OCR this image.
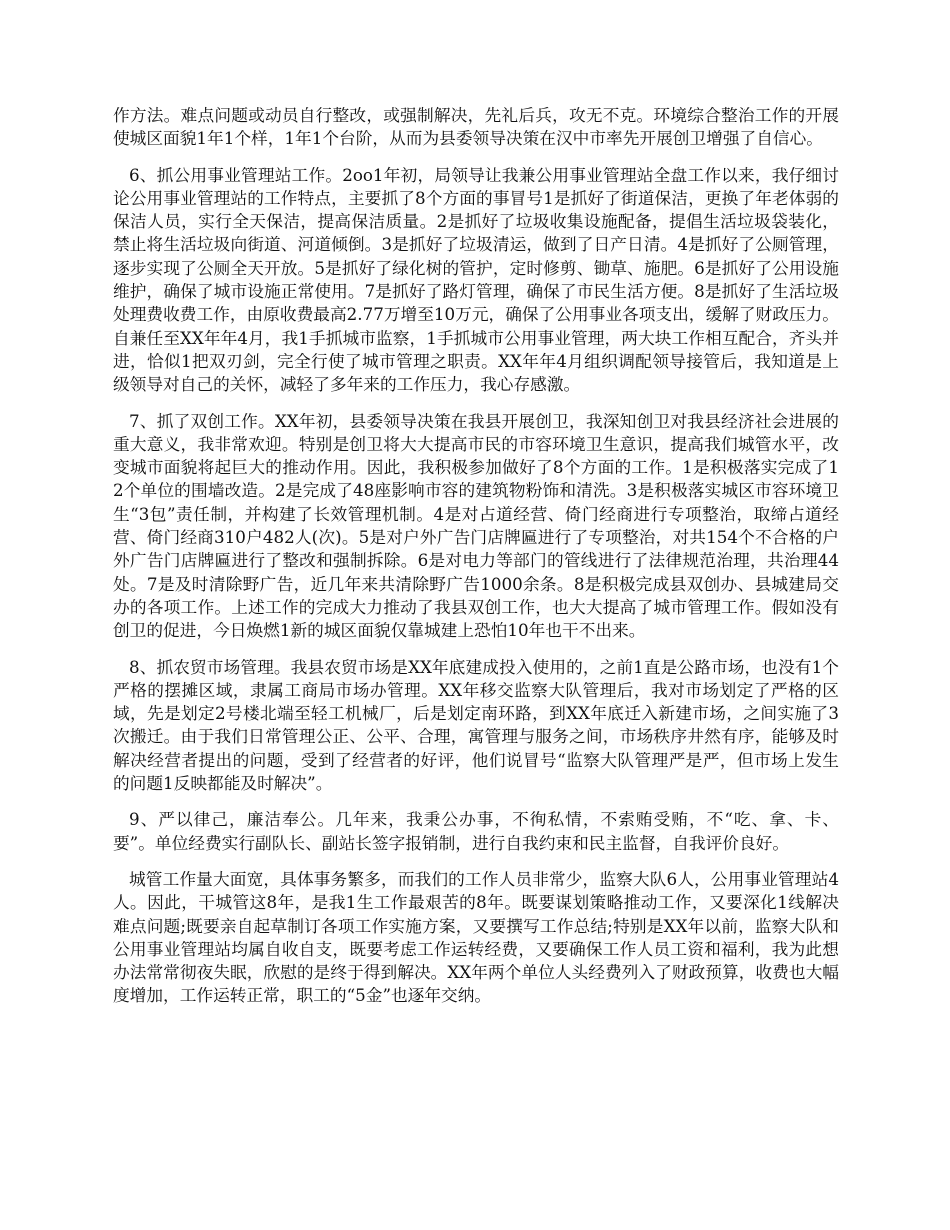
作方法。难点问题或动员自行整改，或强制解决，先礼后兵，攻无不克。环境综合整治工作的开展使城区面貌1年1个样，1年1个台阶，从而为县委领导决策在汉中市率先开展创卫增强了自信心。

6、抓公用事业管理站工作。2oo1年初，局领导让我兼公用事业管理站全盘工作以来，我仔细讨论公用事业管理站的工作特点，主要抓了8个方面的事冒号1是抓好了街道保洁，更换了年老体弱的保洁人员，实行全天保洁，提高保洁质量。2是抓好了垃圾收集设施配备，提倡生活垃圾袋装化，禁止将生活垃圾向街道、河道倾倒。3是抓好了垃圾清运，做到了日产日清。4是抓好了公厕管理，逐步实现了公厕全天开放。5是抓好了绿化树的管护，定时修剪、锄草、施肥。6是抓好了公用设施维护，确保了城市设施正常使用。7是抓好了路灯管理，确保了市民生活方便。8是抓好了生活垃圾处理费收费工作，由原收费最高2.77万增至10万元，确保了公用事业各项支出，缓解了财政压力。自兼任至XX年年4月，我1手抓城市监察，1手抓城市公用事业管理，两大块工作相互配合，齐头并进，恰似1把双刃剑，完全行使了城市管理之职责。XX年年4月组织调配领导接管后，我知道是上级领导对自己的关怀，减轻了多年来的工作压力，我心存感激。

7、抓了双创工作。XX年初，县委领导决策在我县开展创卫，我深知创卫对我县经济社会进展的重大意义，我非常欢迎。特别是创卫将大大提高市民的市容环境卫生意识，提高我们城管水平，改变城市面貌将起巨大的推动作用。因此，我积极参加做好了8个方面的工作。1是积极落实完成了12个单位的围墙改造。2是完成了48座影响市容的建筑物粉饰和清洗。3是积极落实城区市容环境卫生“3包”责任制，并构建了长效管理机制。4是对占道经营、倚门经商进行专项整治，取缔占道经营、倚门经商310户482人(次)。5是对户外广告门店牌匾进行了专项整治，对共154个不合格的户外广告门店牌匾进行了整改和强制拆除。6是对电力等部门的管线进行了法律规范治理，共治理44处。7是及时清除野广告，近几年来共清除野广告1000余条。8是积极完成县双创办、县城建局交办的各项工作。上述工作的完成大力推动了我县双创工作，也大大提高了城市管理工作。假如没有创卫的促进，今日焕燃1新的城区面貌仅靠城建上恐怕10年也干不出来。

8、抓农贸市场管理。我县农贸市场是XX年底建成投入使用的，之前1直是公路市场，也没有1个严格的摆摊区域，隶属工商局市场办管理。XX年移交监察大队管理后，我对市场划定了严格的区域，先是划定2号楼北端至轻工机械厂，后是划定南环路，到XX年底迁入新建市场，之间实施了3次搬迁。由于我们日常管理公正、公平、合理，寓管理与服务之间，市场秩序井然有序，能够及时解决经营者提出的问题，受到了经营者的好评，他们说冒号“监察大队管理严是严，但市场上发生的问题1反映都能及时解决”。

9、严以律己，廉洁奉公。几年来，我秉公办事，不徇私情，不索贿受贿，不“吃、拿、卡、要”。单位经费实行副队长、副站长签字报销制，进行自我约束和民主监督，自我评价良好。

城管工作量大面宽，具体事务繁多，而我们的工作人员非常少，监察大队6人，公用事业管理站4人。因此，干城管这8年，是我1生工作最艰苦的8年。既要谋划策略推动工作，又要深化1线解决难点问题;既要亲自起草制订各项工作实施方案，又要撰写工作总结;特别是XX年以前，监察大队和公用事业管理站均属自收自支，既要考虑工作运转经费，又要确保工作人员工资和福利，我为此想办法常常彻夜失眠，欣慰的是终于得到解决。XX年两个单位人头经费列入了财政预算，收费也大幅度增加，工作运转正常，职工的“5金”也逐年交纳。
